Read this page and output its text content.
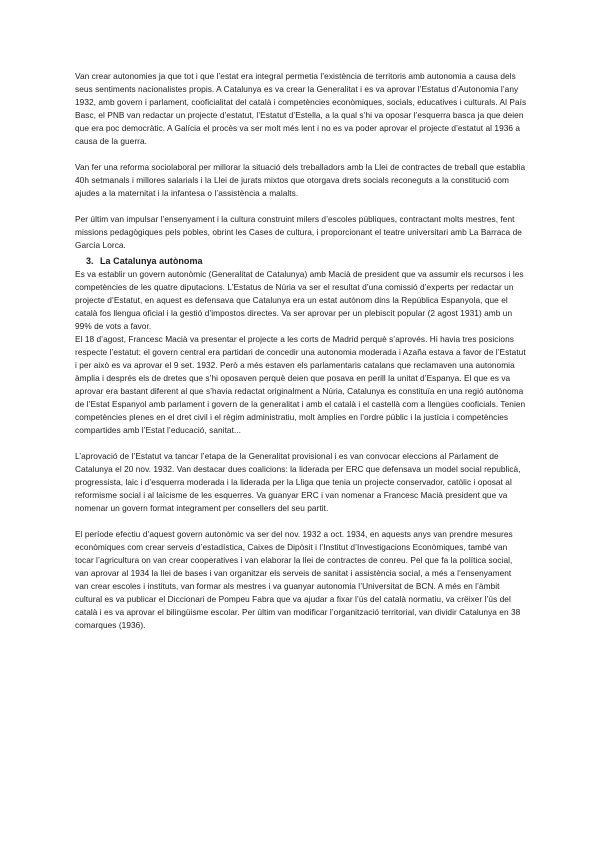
Van crear autonomies ja que tot i que l’estat era integral permetia l’existència de territoris amb autonomia a causa dels seus sentiments nacionalistes propis. A Catalunya es va crear la Generalitat i es va aprovar l’Estatus d’Autonomia l’any 1932, amb govern i parlament, cooficialitat del català i competències econòmiques, socials, educatives i culturals. Al País Basc, el PNB van redactar un projecte d’estatut, l’Estatut d’Estella, a la qual s’hi va oposar l’esquerra basca ja que deien que era poc democràtic. A Galícia el procès va ser molt més lent i no es va poder aprovar el projecte d’estatut al 1936 a causa de la guerra.

Van fer una reforma sociolaboral per millorar la situació dels treballadors amb la Llei de contractes de treball que establia 40h setmanals i millores salarials i la Llei de jurats mixtos que otorgava drets socials reconeguts a la constitució com ajudes a la maternitat i la infantesa o l’assistència a malalts.

Per últim van impulsar l’ensenyament i la cultura construint milers d’escoles públiques, contractant molts mestres, fent missions pedagògiques pels pobles, obrint les Cases de cultura, i proporcionant el teatre universitari amb La Barraca de García Lorca.

3. La Catalunya autònoma

Es va establir un govern autonòmic (Generalitat de Catalunya) amb Macià de president que va assumir els recursos i les competències de les quatre diputacions. L’Estatus de Núria va ser el resultat d’una comissió d’experts per redactar un projecte d’Estatut, en aquest es defensava que Catalunya era un estat autònom dins la República Espanyola, que el català fos llengua oficial i la gestió d’impostos directes. Va ser aprovar per un plebiscit popular (2 agost 1931) amb un 99% de vots a favor.

El 18 d’agost, Francesc Macià va presentar el projecte a les corts de Madrid perquè s’aprovés. Hi havia tres posicions respecte l’estatut: el govern central era partidari de concedir una autonomia moderada i Azaña estava a favor de l’Estatut i per això es va aprovar el 9 set. 1932. Però a més estaven els parlamentaris catalans que reclamaven una autonomia àmplia i després els de dretes que s’hi oposaven perquè deien que posava en perill la unitat d’Espanya. El que es va aprovar era bastant diferent al que s’havia redactat originalment a Núria, Catalunya es constituïa en una regió autònoma de l’Estat Espanyol amb parlament i govern de la generalitat i amb el català i el castellà com a llengües cooficials. Tenien competències plenes en el dret civil i el règim administratiu, molt àmplies en l’ordre públic i la justícia i competències compartides amb l’Estat l’educació, sanitat...

L’aprovació de l’Estatut va tancar l’etapa de la Generalitat provisional i es van convocar eleccions al Parlament de Catalunya el 20 nov. 1932. Van destacar dues coalicions: la liderada per ERC que defensava un model social republicà, progressista, laic i d’esquerra moderada i la liderada per la Lliga que tenia un projecte conservador, catòlic i oposat al reformisme social i al laïcisme de les esquerres. Va guanyar ERC i van nomenar a Francesc Macià president que va nomenar un govern format integrament per consellers del seu partit.

El període efectiu d’aquest govern autonòmic va ser del nov. 1932 a oct. 1934, en aquests anys van prendre mesures econòmiques com crear serveis d’estadística, Caixes de Dipòsit i l’Institut d’Investigacions Econòmiques, també van tocar l’agricultura on van crear cooperatives i van elaborar la llei de contractes de conreu. Pel que fa la política social, van aprovar al 1934 la llei de bases i van organitzar els serveis de sanitat i assistència social, a més a l’ensenyament van crear escoles i instituts, van formar als mestres i va guanyar autonomia l’Universitat de BCN. A més en l’àmbit cultural es va publicar el Diccionari de Pompeu Fabra que va ajudar a fixar l’ús del català normatiu, va crëixer l’ús del català i es va aprovar el bilingüisme escolar. Per últim van modificar l’organització territorial, van dividir Catalunya en 38 comarques (1936).
